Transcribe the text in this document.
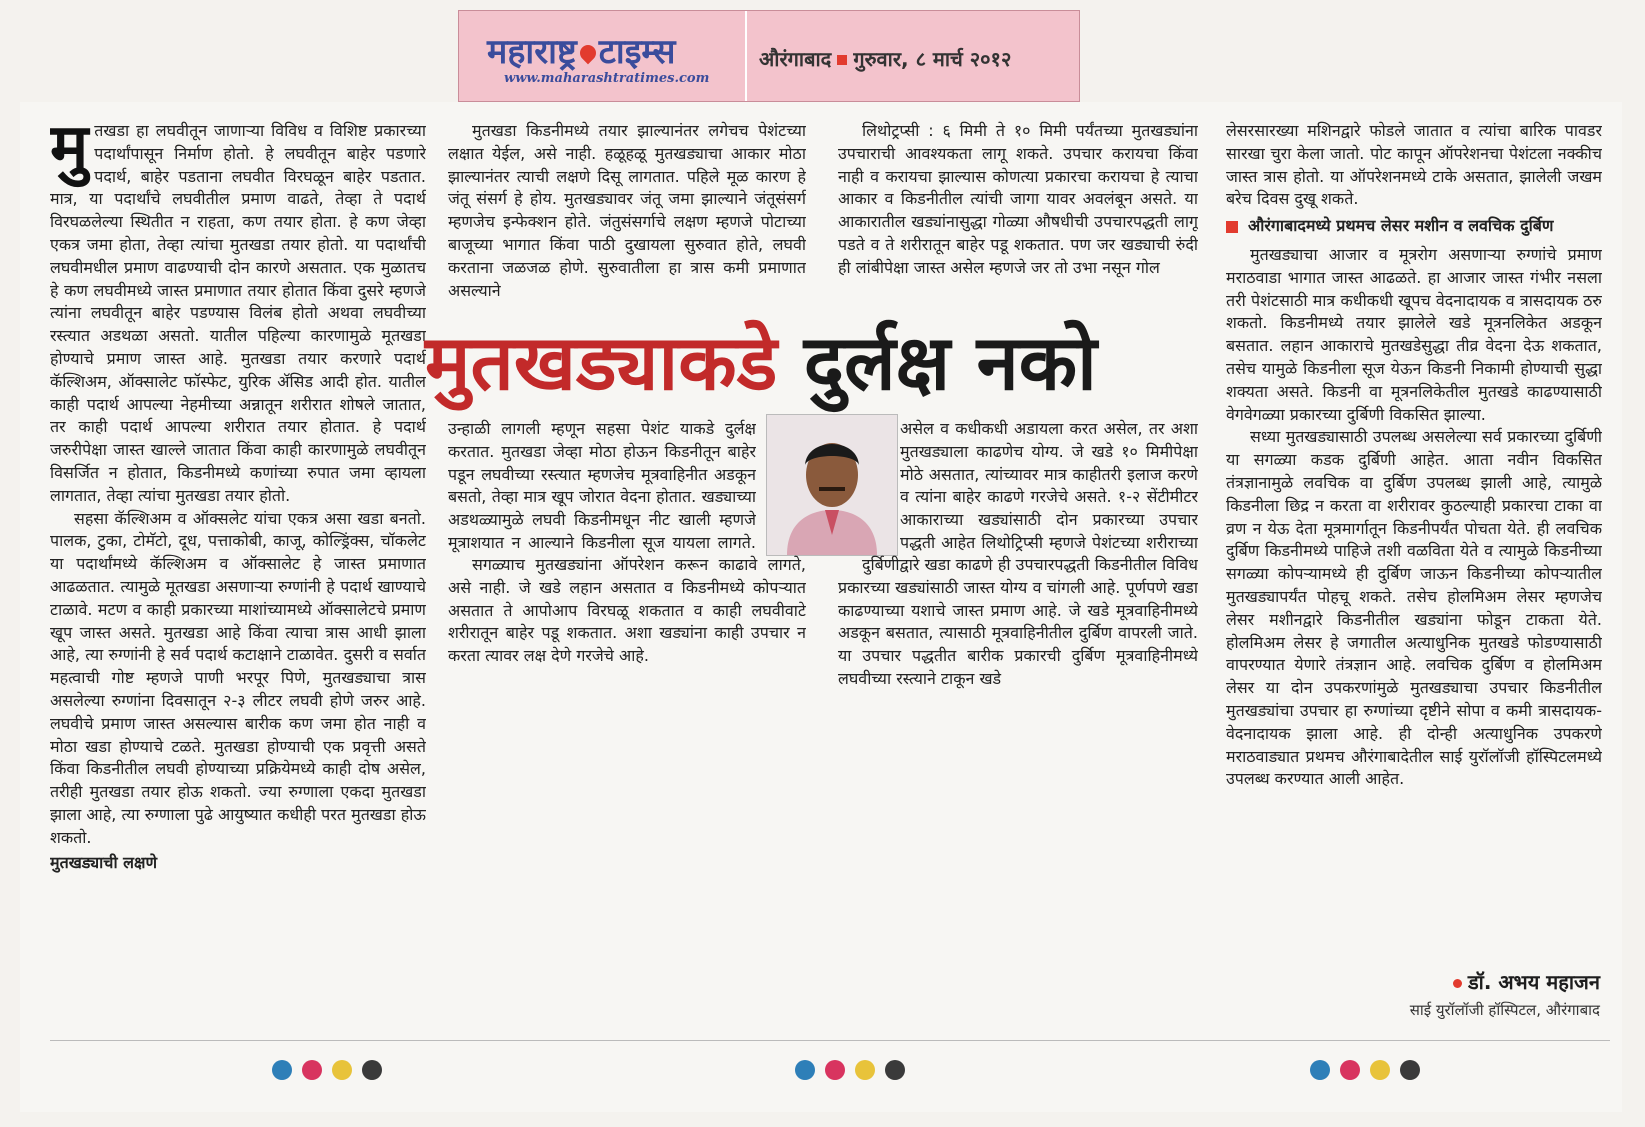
महाराष्ट्र टाइम्स
www.maharashtratimes.com
औरंगाबाद गुरुवार, ८ मार्च २०१२

मुतखडा हा लघवीतून जाणाऱ्या विविध व विशिष्ट प्रकारच्या पदार्थांपासून निर्माण होतो. हे लघवीतून बाहेर पडणारे पदार्थ, बाहेर पडताना लघवीत विरघळून बाहेर पडतात. मात्र, या पदार्थांचे लघवीतील प्रमाण वाढते, तेव्हा ते पदार्थ विरघळलेल्या स्थितीत न राहता, कण तयार होता. हे कण जेव्हा एकत्र जमा होता, तेव्हा त्यांचा मुतखडा तयार होतो. या पदार्थांची लघवीमधील प्रमाण वाढण्याची दोन कारणे असतात. एक मुळातच हे कण लघवीमध्ये जास्त प्रमाणात तयार होतात किंवा दुसरे म्हणजे त्यांना लघवीतून बाहेर पडण्यास विलंब होतो अथवा लघवीच्या रस्त्यात अडथळा असतो. यातील पहिल्या कारणामुळे मूतखडा होण्याचे प्रमाण जास्त आहे. मुतखडा तयार करणारे पदार्थ कॅल्शिअम, ऑक्सालेट फॉस्फेट, युरिक ॲसिड आदी होत. यातील काही पदार्थ आपल्या नेहमीच्या अन्नातून शरीरात शोषले जातात, तर काही पदार्थ आपल्या शरीरात तयार होतात. हे पदार्थ जरुरीपेक्षा जास्त खाल्ले जातात किंवा काही कारणामुळे लघवीतून विसर्जित न होतात, किडनीमध्ये कणांच्या रुपात जमा व्हायला लागतात, तेव्हा त्यांचा मुतखडा तयार होतो.

सहसा कॅल्शिअम व ऑक्सलेट यांचा एकत्र असा खडा बनतो. पालक, टुका, टोमॅटो, दूध, पत्ताकोबी, काजू, कोल्ड्रिंक्स, चॉकलेट या पदार्थांमध्ये कॅल्शिअम व ऑक्सालेट हे जास्त प्रमाणात आढळतात. त्यामुळे मूतखडा असणाऱ्या रुग्णांनी हे पदार्थ खाण्याचे टाळावे. मटण व काही प्रकारच्या माशांच्यामध्ये ऑक्सालेटचे प्रमाण खूप जास्त असते. मुतखडा आहे किंवा त्याचा त्रास आधी झाला आहे, त्या रुग्णांनी हे सर्व पदार्थ कटाक्षाने टाळावेत. दुसरी व सर्वात महत्वाची गोष्ट म्हणजे पाणी भरपूर पिणे, मुतखड्याचा त्रास असलेल्या रुग्णांना दिवसातून २-३ लीटर लघवी होणे जरुर आहे. लघवीचे प्रमाण जास्त असल्यास बारीक कण जमा होत नाही व मोठा खडा होण्याचे टळते. मुतखडा होण्याची एक प्रवृत्ती असते किंवा किडनीतील लघवी होण्याच्या प्रक्रियेमध्ये काही दोष असेल, तरीही मुतखडा तयार होऊ शकतो. ज्या रुग्णाला एकदा मुतखडा झाला आहे, त्या रुग्णाला पुढे आयुष्यात कधीही परत मुतखडा होऊ शकतो.

मुतखड्याची लक्षणे

मुतखडा किडनीमध्ये तयार झाल्यानंतर लगेचच पेशंटच्या लक्षात येईल, असे नाही. हळूहळू मुतखड्याचा आकार मोठा झाल्यानंतर त्याची लक्षणे दिसू लागतात. पहिले मूळ कारण हे जंतू संसर्ग हे होय. मुतखड्यावर जंतू जमा झाल्याने जंतूसंसर्ग म्हणजेच इन्फेक्शन होते. जंतुसंसर्गाचे लक्षण म्हणजे पोटाच्या बाजूच्या भागात किंवा पाठी दुखायला सुरुवात होते, लघवी करताना जळजळ होणे. सुरुवातीला हा त्रास कमी प्रमाणात असल्याने

लिथोट्रप्सी : ६ मिमी ते १० मिमी पर्यंतच्या मुतखड्यांना उपचाराची आवश्यकता लागू शकते. उपचार करायचा किंवा नाही व करायचा झाल्यास कोणत्या प्रकारचा करायचा हे त्याचा आकार व किडनीतील त्यांची जागा यावर अवलंबून असते. या आकारातील खड्यांनासुद्धा गोळ्या औषधीची उपचारपद्धती लागू पडते व ते शरीरातून बाहेर पडू शकतात. पण जर खड्याची रुंदी ही लांबीपेक्षा जास्त असेल म्हणजे जर तो उभा नसून गोल

मुतखड्याकडे दुर्लक्ष नको

उन्हाळी लागली म्हणून सहसा पेशंट याकडे दुर्लक्ष करतात. मुतखडा जेव्हा मोठा होऊन किडनीतून बाहेर पडून लघवीच्या रस्त्यात म्हणजेच मूत्रवाहिनीत अडकून बसतो, तेव्हा मात्र खूप जोरात वेदना होतात. खड्याच्या अडथळ्यामुळे लघवी किडनीमधून नीट खाली म्हणजे मूत्राशयात न आल्याने किडनीला सूज यायला लागते.

असेल व कधीकधी अडायला करत असेल, तर अशा मुतखड्याला काढणेच योग्य. जे खडे १० मिमीपेक्षा मोठे असतात, त्यांच्यावर मात्र काहीतरी इलाज करणे व त्यांना बाहेर काढणे गरजेचे असते. १-२ सेंटीमीटर आकाराच्या खड्यांसाठी दोन प्रकारच्या उपचार पद्धती आहेत लिथोट्रिप्सी म्हणजे पेशंटच्या शरीराच्या

सगळ्याच मुतखड्यांना ऑपरेशन करून काढावे लागते, असे नाही. जे खडे लहान असतात व किडनीमध्ये कोपऱ्यात असतात ते आपोआप विरघळू शकतात व काही लघवीवाटे शरीरातून बाहेर पडू शकतात. अशा खड्यांना काही उपचार न करता त्यावर लक्ष देणे गरजेचे आहे.

दुर्बिणीद्वारे खडा काढणे ही उपचारपद्धती किडनीतील विविध प्रकारच्या खड्यांसाठी जास्त योग्य व चांगली आहे. पूर्णपणे खडा काढण्याच्या यशाचे जास्त प्रमाण आहे. जे खडे मूत्रवाहिनीमध्ये अडकून बसतात, त्यासाठी मूत्रवाहिनीतील दुर्बिण वापरली जाते. या उपचार पद्धतीत बारीक प्रकारची दुर्बिण मूत्रवाहिनीमध्ये लघवीच्या रस्त्याने टाकून खडे

लेसरसारख्या मशिनद्वारे फोडले जातात व त्यांचा बारिक पावडर सारखा चुरा केला जातो. पोट कापून ऑपरेशनचा पेशंटला नक्कीच जास्त त्रास होतो. या ऑपरेशनमध्ये टाके असतात, झालेली जखम बरेच दिवस दुखू शकते.

औरंगाबादमध्ये प्रथमच लेसर मशीन व लवचिक दुर्बिण

मुतखड्याचा आजार व मूत्ररोग असणाऱ्या रुग्णांचे प्रमाण मराठवाडा भागात जास्त आढळते. हा आजार जास्त गंभीर नसला तरी पेशंटसाठी मात्र कधीकधी खूपच वेदनादायक व त्रासदायक ठरु शकतो. किडनीमध्ये तयार झालेले खडे मूत्रनलिकेत अडकून बसतात. लहान आकाराचे मुतखडेसुद्धा तीव्र वेदना देऊ शकतात, तसेच यामुळे किडनीला सूज येऊन किडनी निकामी होण्याची सुद्धा शक्यता असते. किडनी वा मूत्रनलिकेतील मुतखडे काढण्यासाठी वेगवेगळ्या प्रकारच्या दुर्बिणी विकसित झाल्या.

सध्या मुतखड्यासाठी उपलब्ध असलेल्या सर्व प्रकारच्या दुर्बिणी या सगळ्या कडक दुर्बिणी आहेत. आता नवीन विकसित तंत्रज्ञानामुळे लवचिक वा दुर्बिण उपलब्ध झाली आहे, त्यामुळे किडनीला छिद्र न करता वा शरीरावर कुठल्याही प्रकारचा टाका वा व्रण न येऊ देता मूत्रमार्गातून किडनीपर्यंत पोचता येते. ही लवचिक दुर्बिण किडनीमध्ये पाहिजे तशी वळविता येते व त्यामुळे किडनीच्या सगळ्या कोपऱ्यामध्ये ही दुर्बिण जाऊन किडनीच्या कोपऱ्यातील मुतखड्यापर्यंत पोहचू शकते. तसेच होलमिअम लेसर म्हणजेच लेसर मशीनद्वारे किडनीतील खड्यांना फोडून टाकता येते. होलमिअम लेसर हे जगातील अत्याधुनिक मुतखडे फोडण्यासाठी वापरण्यात येणारे तंत्रज्ञान आहे. लवचिक दुर्बिण व होलमिअम लेसर या दोन उपकरणांमुळे मुतखड्याचा उपचार किडनीतील मुतखड्यांचा उपचार हा रुग्णांच्या दृष्टीने सोपा व कमी त्रासदायक- वेदनादायक झाला आहे. ही दोन्ही अत्याधुनिक उपकरणे मराठवाड्यात प्रथमच औरंगाबादेतील साई युरॉलॉजी हॉस्पिटलमध्ये उपलब्ध करण्यात आली आहेत.

डॉ. अभय महाजन
साई युरॉलॉजी हॉस्पिटल, औरंगाबाद
